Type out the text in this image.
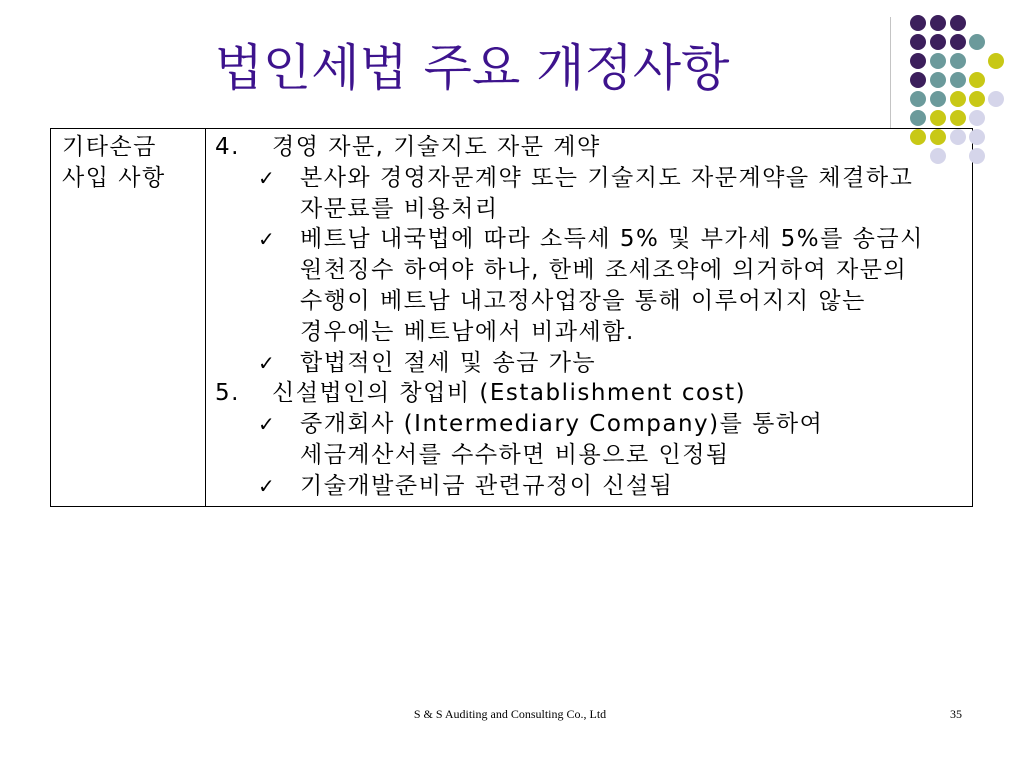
법인세법 주요 개정사항
기타손금
사입 사항
4. 경영 자문, 기술지도 자문 계약
✓ 본사와 경영자문계약 또는 기술지도 자문계약을 체결하고
자문료를 비용처리
✓ 베트남 내국법에 따라 소득세 5% 및 부가세 5%를 송금시
원천징수 하여야 하나, 한베 조세조약에 의거하여 자문의
수행이 베트남 내고정사업장을 통해 이루어지지 않는
경우에는 베트남에서 비과세함.
✓ 합법적인 절세 및 송금 가능
5. 신설법인의 창업비 (Establishment cost)
✓ 중개회사 (Intermediary Company)를 통하여
세금계산서를 수수하면 비용으로 인정됨
✓ 기술개발준비금 관련규정이 신설됨
S & S Auditing and Consulting Co., Ltd	35
